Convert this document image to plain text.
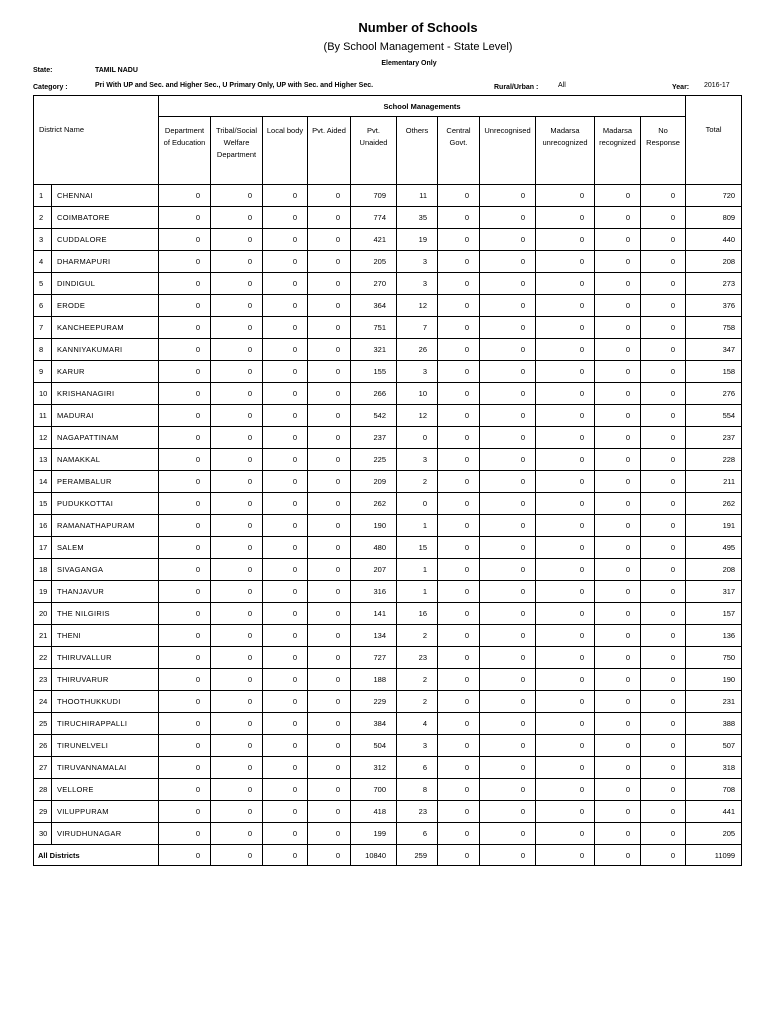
Number of Schools
(By School Management - State Level)
Elementary Only
State:	TAMIL NADU
Category :	Pri With UP and Sec. and Higher Sec., U Primary Only, UP with Sec. and Higher Sec.	Rural/Urban :	All	Year: 2016-17
District Name		School Managements											Total
		Department of Education	Tribal/Social Welfare Department	Local body	Pvt. Aided	Pvt. Unaided	Others	Central Govt.	Unrecognised	Madarsa unrecognized	Madarsa recognized	No Response	
1	CHENNAI	0	0	0	0	709	11	0	0	0	0	0	720
2	COIMBATORE	0	0	0	0	774	35	0	0	0	0	0	809
3	CUDDALORE	0	0	0	0	421	19	0	0	0	0	0	440
4	DHARMAPURI	0	0	0	0	205	3	0	0	0	0	0	208
5	DINDIGUL	0	0	0	0	270	3	0	0	0	0	0	273
6	ERODE	0	0	0	0	364	12	0	0	0	0	0	376
7	KANCHEEPURAM	0	0	0	0	751	7	0	0	0	0	0	758
8	KANNIYAKUMARI	0	0	0	0	321	26	0	0	0	0	0	347
9	KARUR	0	0	0	0	155	3	0	0	0	0	0	158
10	KRISHANAGIRI	0	0	0	0	266	10	0	0	0	0	0	276
11	MADURAI	0	0	0	0	542	12	0	0	0	0	0	554
12	NAGAPATTINAM	0	0	0	0	237	0	0	0	0	0	0	237
13	NAMAKKAL	0	0	0	0	225	3	0	0	0	0	0	228
14	PERAMBALUR	0	0	0	0	209	2	0	0	0	0	0	211
15	PUDUKKOTTAI	0	0	0	0	262	0	0	0	0	0	0	262
16	RAMANATHAPURAM	0	0	0	0	190	1	0	0	0	0	0	191
17	SALEM	0	0	0	0	480	15	0	0	0	0	0	495
18	SIVAGANGA	0	0	0	0	207	1	0	0	0	0	0	208
19	THANJAVUR	0	0	0	0	316	1	0	0	0	0	0	317
20	THE NILGIRIS	0	0	0	0	141	16	0	0	0	0	0	157
21	THENI	0	0	0	0	134	2	0	0	0	0	0	136
22	THIRUVALLUR	0	0	0	0	727	23	0	0	0	0	0	750
23	THIRUVARUR	0	0	0	0	188	2	0	0	0	0	0	190
24	THOOTHUKKUDI	0	0	0	0	229	2	0	0	0	0	0	231
25	TIRUCHIRAPPALLI	0	0	0	0	384	4	0	0	0	0	0	388
26	TIRUNELVELI	0	0	0	0	504	3	0	0	0	0	0	507
27	TIRUVANNAMALAI	0	0	0	0	312	6	0	0	0	0	0	318
28	VELLORE	0	0	0	0	700	8	0	0	0	0	0	708
29	VILUPPURAM	0	0	0	0	418	23	0	0	0	0	0	441
30	VIRUDHUNAGAR	0	0	0	0	199	6	0	0	0	0	0	205
All Districts		0	0	0	0	10840	259	0	0	0	0	0	11099
